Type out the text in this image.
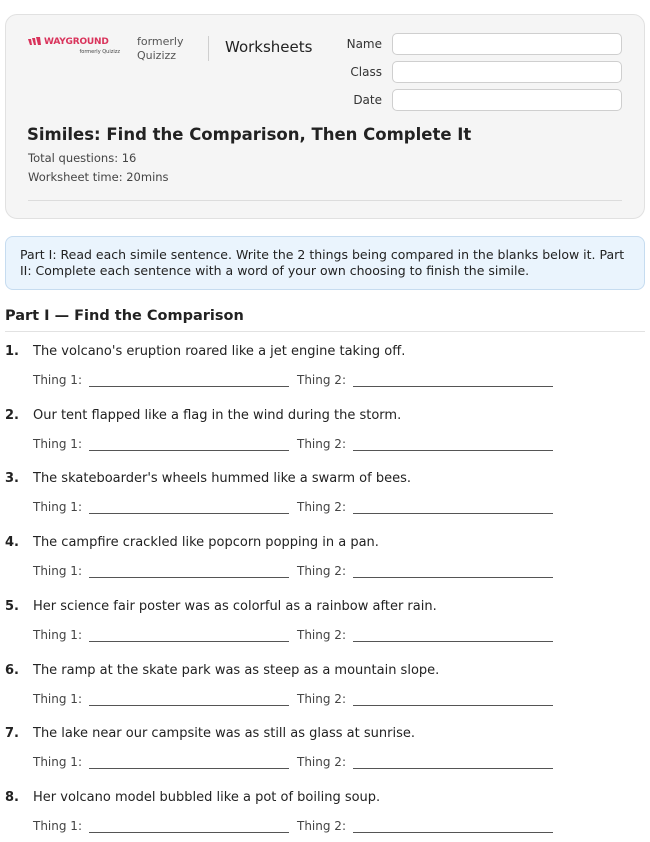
WAYGROUND
formerly Quizizz
formerly
Quizizz	Worksheets	Name
Class
Date
Similes: Find the Comparison, Then Complete It
Total questions: 16
Worksheet time: 20mins
Part I: Read each simile sentence. Write the 2 things being compared in the blanks below it. Part II: Complete each sentence with a word of your own choosing to finish the simile.
Part I — Find the Comparison
1. The volcano's eruption roared like a jet engine taking off.
Thing 1:	Thing 2:
2. Our tent flapped like a flag in the wind during the storm.
Thing 1:	Thing 2:
3. The skateboarder's wheels hummed like a swarm of bees.
Thing 1:	Thing 2:
4. The campfire crackled like popcorn popping in a pan.
Thing 1:	Thing 2:
5. Her science fair poster was as colorful as a rainbow after rain.
Thing 1:	Thing 2:
6. The ramp at the skate park was as steep as a mountain slope.
Thing 1:	Thing 2:
7. The lake near our campsite was as still as glass at sunrise.
Thing 1:	Thing 2:
8. Her volcano model bubbled like a pot of boiling soup.
Thing 1:	Thing 2:
